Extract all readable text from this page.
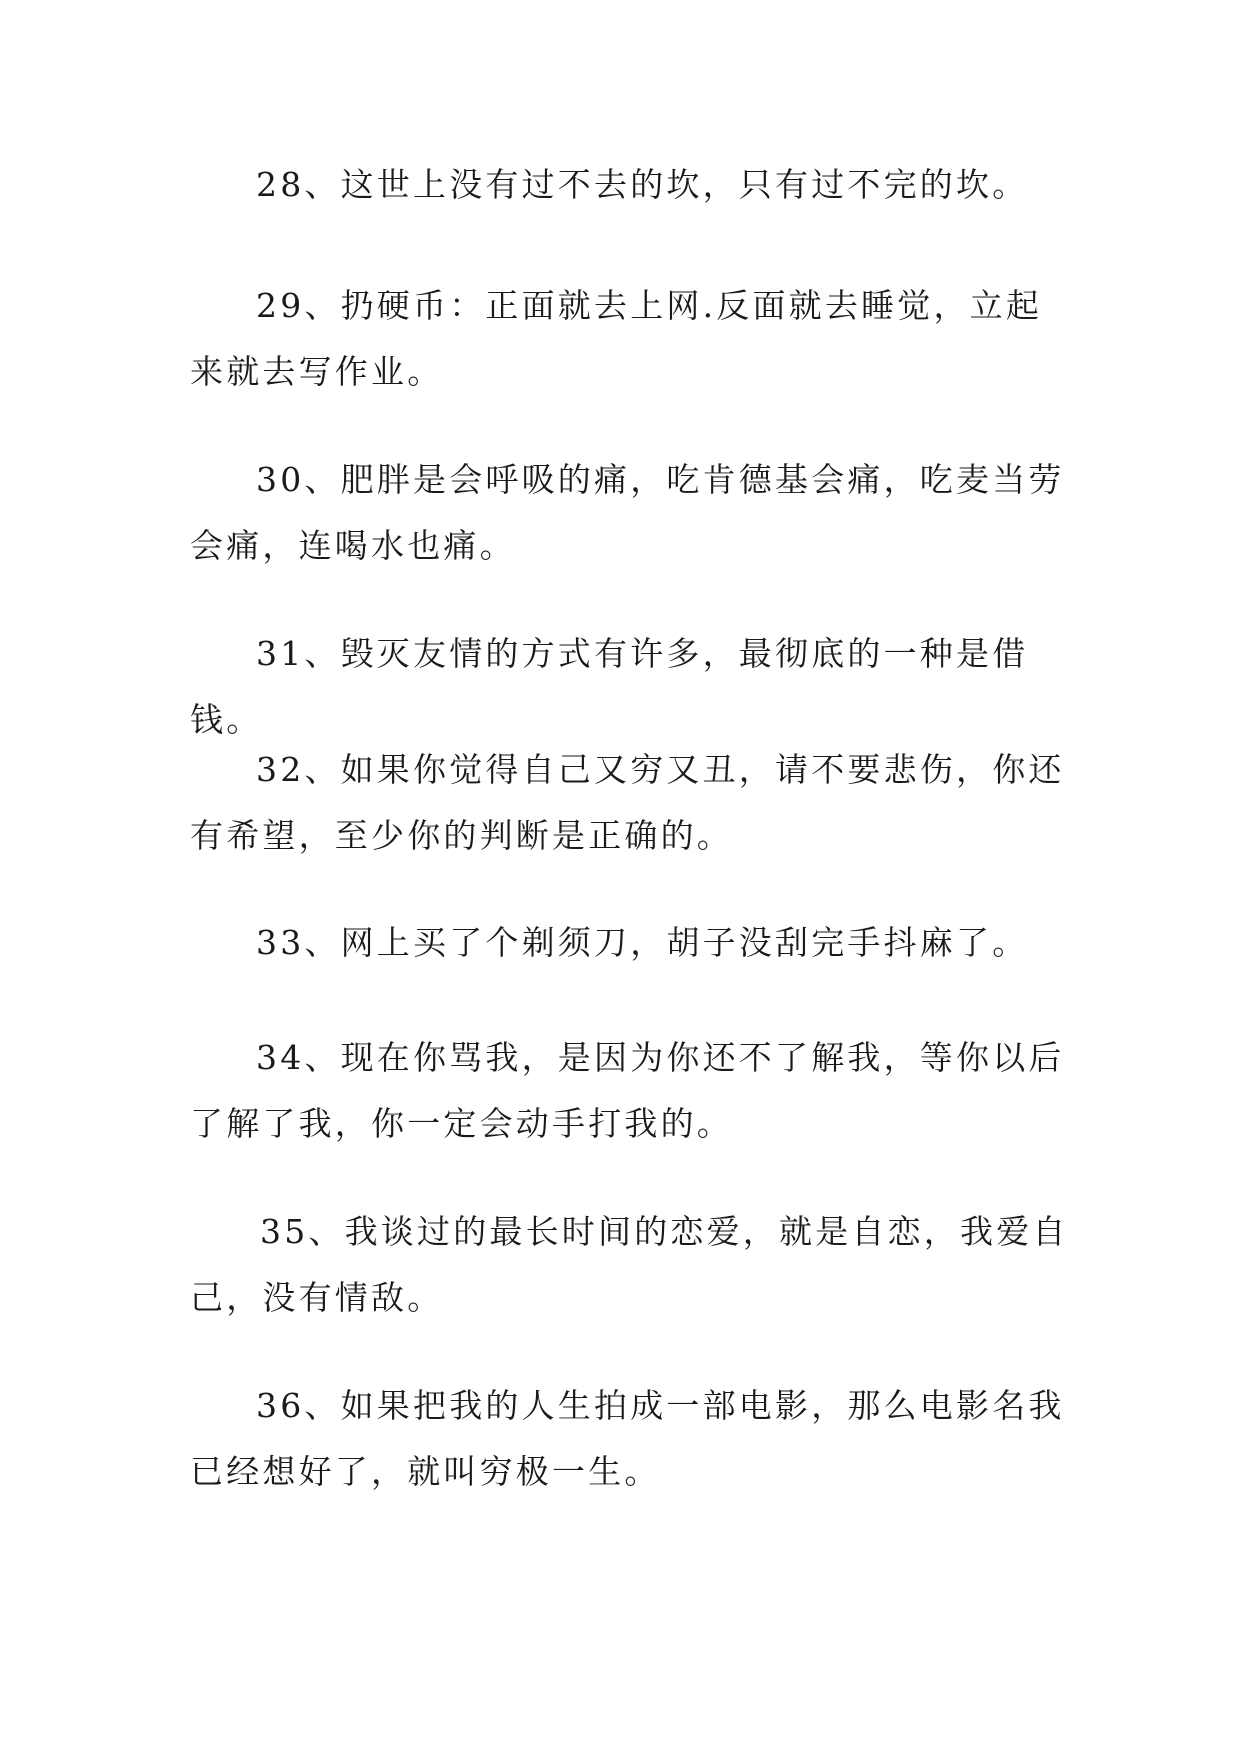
28、这世上没有过不去的坎，只有过不完的坎。

29、扔硬币：正面就去上网.反面就去睡觉，立起来就去写作业。

30、肥胖是会呼吸的痛，吃肯德基会痛，吃麦当劳会痛，连喝水也痛。

31、毁灭友情的方式有许多，最彻底的一种是借钱。

32、如果你觉得自己又穷又丑，请不要悲伤，你还有希望，至少你的判断是正确的。

33、网上买了个剃须刀，胡子没刮完手抖麻了。

34、现在你骂我，是因为你还不了解我，等你以后了解了我，你一定会动手打我的。

35、我谈过的最长时间的恋爱，就是自恋，我爱自己，没有情敌。

36、如果把我的人生拍成一部电影，那么电影名我已经想好了，就叫穷极一生。
